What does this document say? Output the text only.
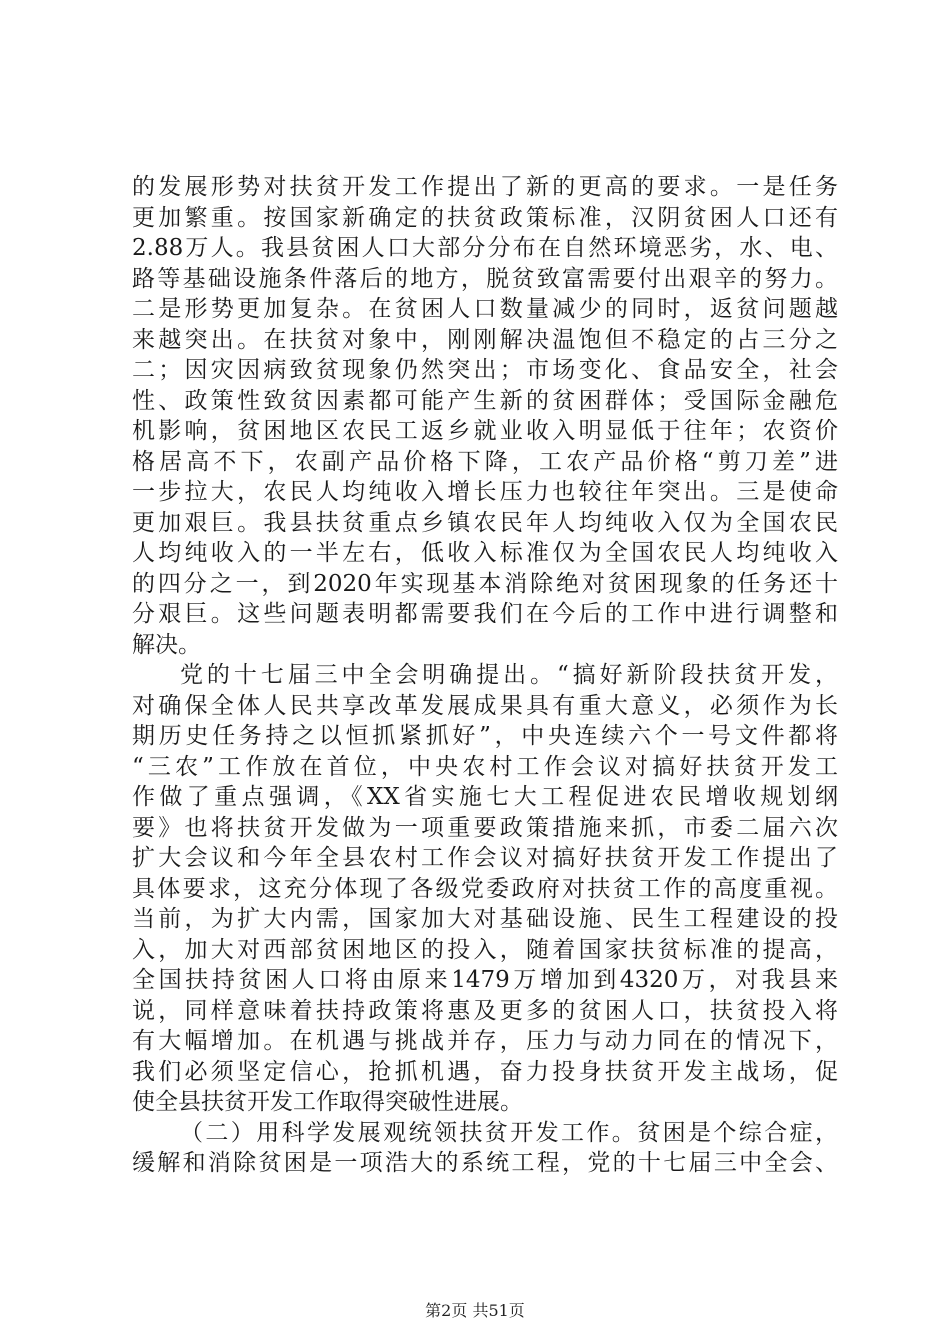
的发展形势对扶贫开发工作提出了新的更高的要求。一是任务
更加繁重。按国家新确定的扶贫政策标准，汉阴贫困人口还有
2.88万人。我县贫困人口大部分分布在自然环境恶劣，水、电、
路等基础设施条件落后的地方，脱贫致富需要付出艰辛的努力。
二是形势更加复杂。在贫困人口数量减少的同时，返贫问题越
来越突出。在扶贫对象中，刚刚解决温饱但不稳定的占三分之
二；因灾因病致贫现象仍然突出；市场变化、食品安全，社会
性、政策性致贫因素都可能产生新的贫困群体；受国际金融危
机影响，贫困地区农民工返乡就业收入明显低于往年；农资价
格居高不下，农副产品价格下降，工农产品价格“剪刀差”进
一步拉大，农民人均纯收入增长压力也较往年突出。三是使命
更加艰巨。我县扶贫重点乡镇农民年人均纯收入仅为全国农民
人均纯收入的一半左右，低收入标准仅为全国农民人均纯收入
的四分之一，到2020年实现基本消除绝对贫困现象的任务还十
分艰巨。这些问题表明都需要我们在今后的工作中进行调整和
解决。
党的十七届三中全会明确提出。“搞好新阶段扶贫开发，
对确保全体人民共享改革发展成果具有重大意义，必须作为长
期历史任务持之以恒抓紧抓好”，中央连续六个一号文件都将
“三农”工作放在首位，中央农村工作会议对搞好扶贫开发工
作做了重点强调，《XX省实施七大工程促进农民增收规划纲
要》也将扶贫开发做为一项重要政策措施来抓，市委二届六次
扩大会议和今年全县农村工作会议对搞好扶贫开发工作提出了
具体要求，这充分体现了各级党委政府对扶贫工作的高度重视。
当前，为扩大内需，国家加大对基础设施、民生工程建设的投
入，加大对西部贫困地区的投入，随着国家扶贫标准的提高，
全国扶持贫困人口将由原来1479万增加到4320万，对我县来
说，同样意味着扶持政策将惠及更多的贫困人口，扶贫投入将
有大幅增加。在机遇与挑战并存，压力与动力同在的情况下，
我们必须坚定信心，抢抓机遇，奋力投身扶贫开发主战场，促
使全县扶贫开发工作取得突破性进展。
（二）用科学发展观统领扶贫开发工作。贫困是个综合症，
缓解和消除贫困是一项浩大的系统工程，党的十七届三中全会、
第2页 共51页
